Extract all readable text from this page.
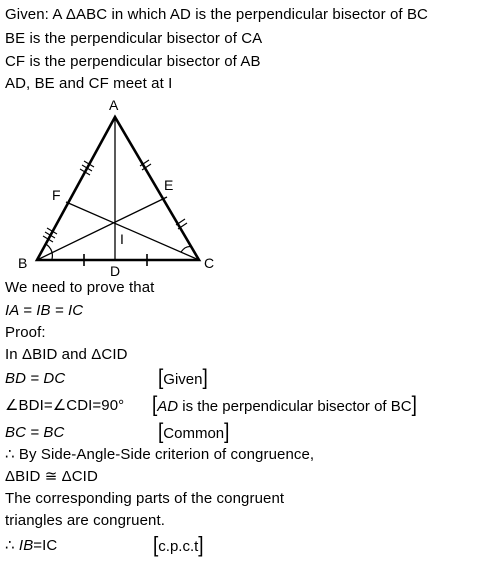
Given: A ΔABC in which AD is the perpendicular bisector of BC
BE is the perpendicular bisector of CA
CF is the perpendicular bisector of AB
AD, BE and CF meet at I
A
B	C
D
E
F
I
We need to prove that
IA = IB = IC
Proof:
In ΔBID and ΔCID
BD = DC	[Given]
∠BDI=∠CDI=90° [AD is the perpendicular bisector of BC]
BC = BC	[Common]
∴ By Side-Angle-Side criterion of congruence,
ΔBID ≅ ΔCID
The corresponding parts of the congruent
triangles are congruent.
∴ IB=IC	[c.p.c.t]
